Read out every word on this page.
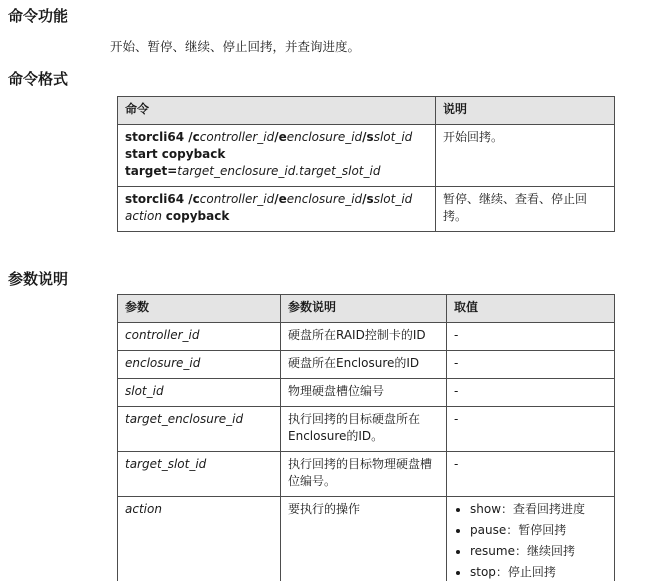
命令功能

开始、暂停、继续、停止回拷，并查询进度。

命令格式
命令	说明
storcli64 /ccontroller_id/eenclosure_id/sslot_id
start copyback
target=target_enclosure_id.target_slot_id	开始回拷。
storcli64 /ccontroller_id/eenclosure_id/sslot_id
action copyback	暂停、继续、查看、停止回拷。
参数说明
参数	参数说明	取值
controller_id	硬盘所在RAID控制卡的ID	-
enclosure_id	硬盘所在Enclosure的ID	-
slot_id	物理硬盘槽位编号	-
target_enclosure_id	执行回拷的目标硬盘所在Enclosure的ID。	-
target_slot_id	执行回拷的目标物理硬盘槽位编号。	-
action	要执行的操作	
•show：查看回拷进度
• pause：暂停回拷
• resume：继续回拷
• stop：停止回拷
